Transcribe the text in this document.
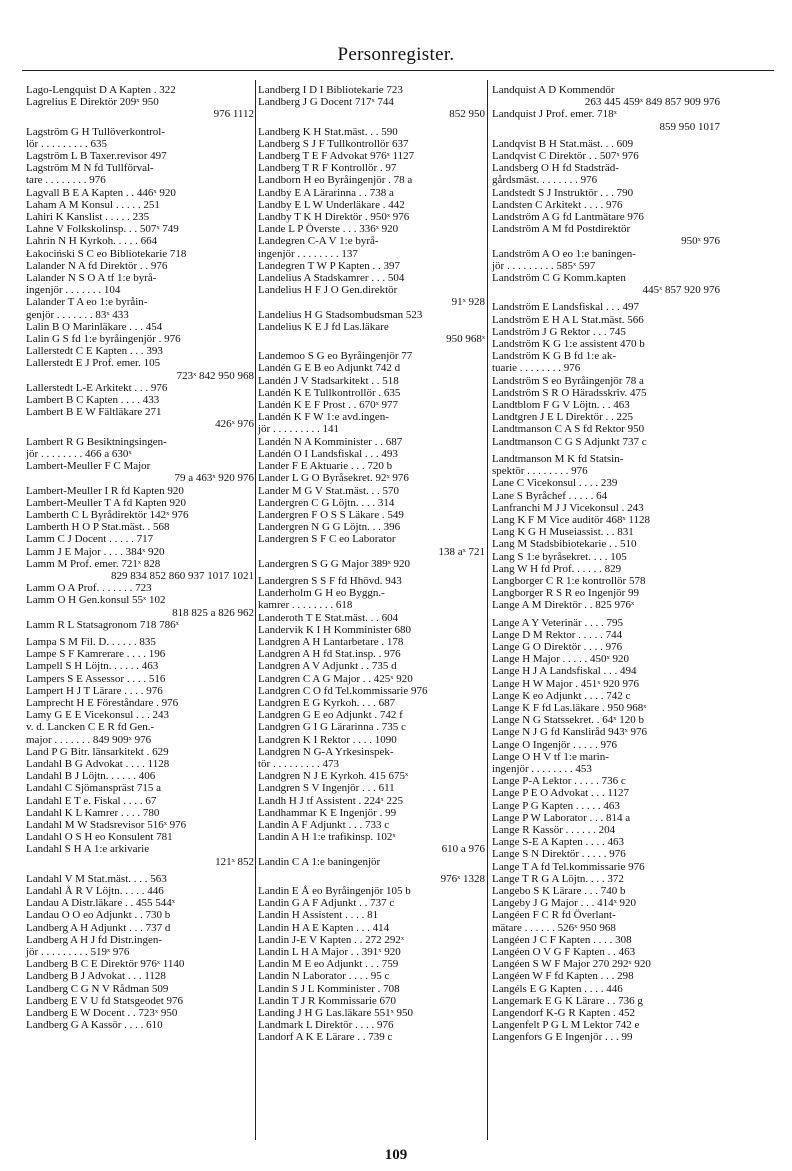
Personregister.
Lago-Lengquist D A Kapten . 322
Lagrelius E Direktör 209ˣ 950
976 1112
Lagström G H Tullöverkontrol-
lör . . . . . . . . . 635
Lagström L B Taxer.revisor 497
Lagström M N fd Tullförval-
tare . . . . . . . . 976
Lagvall B E A Kapten . . 446ˣ 920
Laham A M Konsul . . . . . 251
Lahiri K Kanslist . . . . . 235
Lahne V Folkskolinsp. . . 507ˣ 749
Lahrin N H Kyrkoh. . . . . 664
Łakociński S C eo Bibliotekarie 718
Lalander N A fd Direktör . . 976
Lalander N S O A tf 1:e byrå-
ingenjör . . . . . . . 104
Lalander T A eo 1:e byråin-
genjör . . . . . . . 83ˣ 433
Lalin B O Marinläkare . . . 454
Lalin G S fd 1:e byråingenjör . 976
Lallerstedt C E Kapten . . . 393
Lallerstedt E J Prof. emer. 105
723ˣ 842 950 968
Lallerstedt L-E Arkitekt . . . 976
Lambert B C Kapten . . . . 433
Lambert B E W Fältläkare 271
426ˣ 976
Lambert R G Besiktningsingen-
jör . . . . . . . . 466 a 630ˣ
Lambert-Meuller F C Major
79 a 463ˣ 920 976
Lambert-Meuller I R fd Kapten 920
Lambert-Meuller T A fd Kapten 920
Lamberth C L Byrådirektör 142ˣ 976
Lamberth H O P Stat.mäst. . 568
Lamm C J Docent . . . . . 717
Lamm J E Major . . . . 384ˣ 920
Lamm M Prof. emer. 721ˣ 828
829 834 852 860 937 1017 1021
Lamm O A Prof. . . . . . . 723
Lamm O H Gen.konsul 55ˣ 102
818 825 a 826 962
Lamm R L Statsagronom 718 786ˣ
Lampa S M Fil. D. . . . . . 835
Lampe S F Kamrerare . . . . 196
Lampell S H Löjtn. . . . . . 463
Lampers S E Assessor . . . . 516
Lampert H J T Lärare . . . . 976
Lamprecht H E Föreståndare . 976
Lamy G E E Vicekonsul . . . 243
v. d. Lancken C E R fd Gen.-
major . . . . . . . 849 909ˣ 976
Land P G Bitr. länsarkitekt . 629
Landahl B G Advokat . . . . 1128
Landahl B J Löjtn. . . . . . 406
Landahl C Sjömanspräst 715 a
Landahl E T e. Fiskal . . . . 67
Landahl K L Kamrer . . . . 780
Landahl M W Stadsrevisor 516ˣ 976
Landahl O S H eo Konsulent 781
Landahl S H A 1:e arkivarie
121ˣ 852
Landahl V M Stat.mäst. . . . 563
Landahl Å R V Löjtn. . . . . 446
Landau A Distr.läkare . . 455 544ˣ
Landau O O eo Adjunkt . . 730 b
Landberg A H Adjunkt . . . 737 d
Landberg A H J fd Distr.ingen-
jör . . . . . . . . . 519ˣ 976
Landberg B C E Direktör 976ˣ 1140
Landberg B J Advokat . . . 1128
Landberg C G N V Rådman 509
Landberg E V U fd Statsgeodet 976
Landberg E W Docent . . 723ˣ 950
Landberg G A Kassör . . . . 610
Landberg I D I Bibliotekarie 723
Landberg J G Docent 717ˣ 744
852 950
Landberg K H Stat.mäst. . . 590
Landberg S J F Tullkontrollör 637
Landberg T E F Advokat 976ˣ 1127
Landberg T R F Kontrollör . 97
Landborn H eo Byråingenjör . 78 a
Landby E A Lärarinna . . 738 a
Landby E L W Underläkare . 442
Landby T K H Direktör . 950ˣ 976
Lande L P Överste . . . 336ˣ 920
Landegren C-A V 1:e byrå-
ingenjör . . . . . . . . 137
Landegren T W P Kapten . . 397
Landelius A Stadskamrer . . . 504
Landelius H F J O Gen.direktör
91ˣ 928
Landelius H G Stadsombudsman 523
Landelius K E J fd Las.läkare
950 968ˣ
Landemoo S G eo Byråingenjör 77
Landén G E B eo Adjunkt 742 d
Landén J V Stadsarkitekt . . 518
Landén K E Tullkontrollör . 635
Landén K E F Prost . . 670ˣ 977
Landén K F W 1:e avd.ingen-
jör . . . . . . . . . 141
Landén N A Komminister . . 687
Landén O I Landsfiskal . . . 493
Lander F E Aktuarie . . . 720 b
Lander L G O Byråsekret. 92ˣ 976
Lander M G V Stat.mäst. . . 570
Landergren C G Löjtn. . . . 314
Landergren F O S S Läkare . 549
Landergren N G G Löjtn. . . 396
Landergren S F C eo Laborator
138 aˣ 721
Landergren S G G Major 389ˣ 920
Landergren S S F fd Hhövd. 943
Landerholm G H eo Byggn.-
kamrer . . . . . . . . 618
Landeroth T E Stat.mäst. . . 604
Landervik K I H Komminister 680
Landgren A H Lantarbetare . 178
Landgren A H fd Stat.insp. . 976
Landgren A V Adjunkt . . 735 d
Landgren C A G Major . . 425ˣ 920
Landgren C O fd Tel.kommissarie 976
Landgren E G Kyrkoh. . . . 687
Landgren G E eo Adjunkt . 742 f
Landgren G I G Lärarinna . 735 c
Landgren K I Rektor . . . . 1090
Landgren N G-A Yrkesinspek-
tör . . . . . . . . . 473
Landgren N J E Kyrkoh. 415 675ˣ
Landgren S V Ingenjör . . . 611
Landh H J tf Assistent . 224ˣ 225
Landhammar K E Ingenjör . 99
Landin A F Adjunkt . . . 733 c
Landin A H 1:e trafikinsp. 102ˣ
610 a 976
Landin C A 1:e baningenjör
976ˣ 1328
Landin E Å eo Byråingenjör 105 b
Landin G A F Adjunkt . . 737 c
Landin H Assistent . . . . 81
Landin H A E Kapten . . . 414
Landin J-E V Kapten . . 272 292ˣ
Landin L H A Major . . 391ˣ 920
Landin M E eo Adjunkt . . . 759
Landin N Laborator . . . . 95 c
Landin S J L Komminister . 708
Landin T J R Kommissarie 670
Landing J H G Las.läkare 551ˣ 950
Landmark L Direktör . . . . 976
Landorf A K E Lärare . . 739 c
Landquist A D Kommendör
263 445 459ˣ 849 857 909 976
Landquist J Prof. emer. 718ˣ
859 950 1017
Landqvist B H Stat.mäst. . . 609
Landqvist C Direktör . . 507ˣ 976
Landsberg O H fd Stadsträd-
gårdsmäst. . . . . . . . 976
Landstedt S J Instruktör . . . 790
Landsten C Arkitekt . . . . 976
Landström A G fd Lantmätare 976
Landström A M fd Postdirektör
950ˣ 976
Landström A O eo 1:e baningen-
jör . . . . . . . . . 585ˣ 597
Landström C G Komm.kapten
445ˣ 857 920 976
Landström E Landsfiskal . . . 497
Landström E H A L Stat.mäst. 566
Landström J G Rektor . . . 745
Landström K G 1:e assistent 470 b
Landström K G B fd 1:e ak-
tuarie . . . . . . . . 976
Landström S eo Byråingenjör 78 a
Landström S R O Häradsskriv. 475
Landtblom F G V Löjtn. . . 463
Landtgren J E L Direktör . . 225
Landtmanson C A S fd Rektor 950
Landtmanson C G S Adjunkt 737 c
Landtmanson M K fd Statsin-
spektör . . . . . . . . 976
Lane C Vicekonsul . . . . 239
Lane S Byråchef . . . . . 64
Lanfranchi M J J Vicekonsul . 243
Lang K F M Vice auditör 468ˣ 1128
Lang K G H Museiassist. . . 831
Lang M Stadsbibiotekarie . . 510
Lang S 1:e byråsekret. . . . 105
Lang W H fd Prof. . . . . . 829
Langborger C R 1:e kontrollör 578
Langborger R S R eo Ingenjör 99
Lange A M Direktör . . 825 976ˣ
Lange A Y Veterinär . . . . 795
Lange D M Rektor . . . . . 744
Lange G O Direktör . . . . 976
Lange H Major . . . . . 450ˣ 920
Lange H J A Landsfiskal . . . 494
Lange H W Major . 451ˣ 920 976
Lange K eo Adjunkt . . . . 742 c
Lange K F fd Las.läkare . 950 968ˣ
Lange N G Statssekret. . 64ˣ 120 b
Lange N J G fd Kansliråd 943ˣ 976
Lange O Ingenjör . . . . . 976
Lange O H V tf 1:e marin-
ingenjör . . . . . . . . 453
Lange P-A Lektor . . . . . 736 c
Lange P E O Advokat . . . 1127
Lange P G Kapten . . . . . 463
Lange P W Laborator . . . 814 a
Lange R Kassör . . . . . . 204
Lange S-E A Kapten . . . . 463
Lange S N Direktör . . . . . 976
Lange T A fd Tel.kommissarie 976
Lange T R G A Löjtn. . . . 372
Langebo S K Lärare . . . 740 b
Langeby J G Major . . . 414ˣ 920
Langéen F C R fd Överlant-
mätare . . . . . . 526ˣ 950 968
Langéen J C F Kapten . . . . 308
Langéen O V G F Kapten . . 463
Langéen S W F Major 270 292ˣ 920
Langéen W F fd Kapten . . . 298
Langéls E G Kapten . . . . 446
Langemark E G K Lärare . . 736 g
Langendorf K-G R Kapten . 452
Langenfelt P G L M Lektor 742 e
Langenfors G E Ingenjör . . . 99
109
